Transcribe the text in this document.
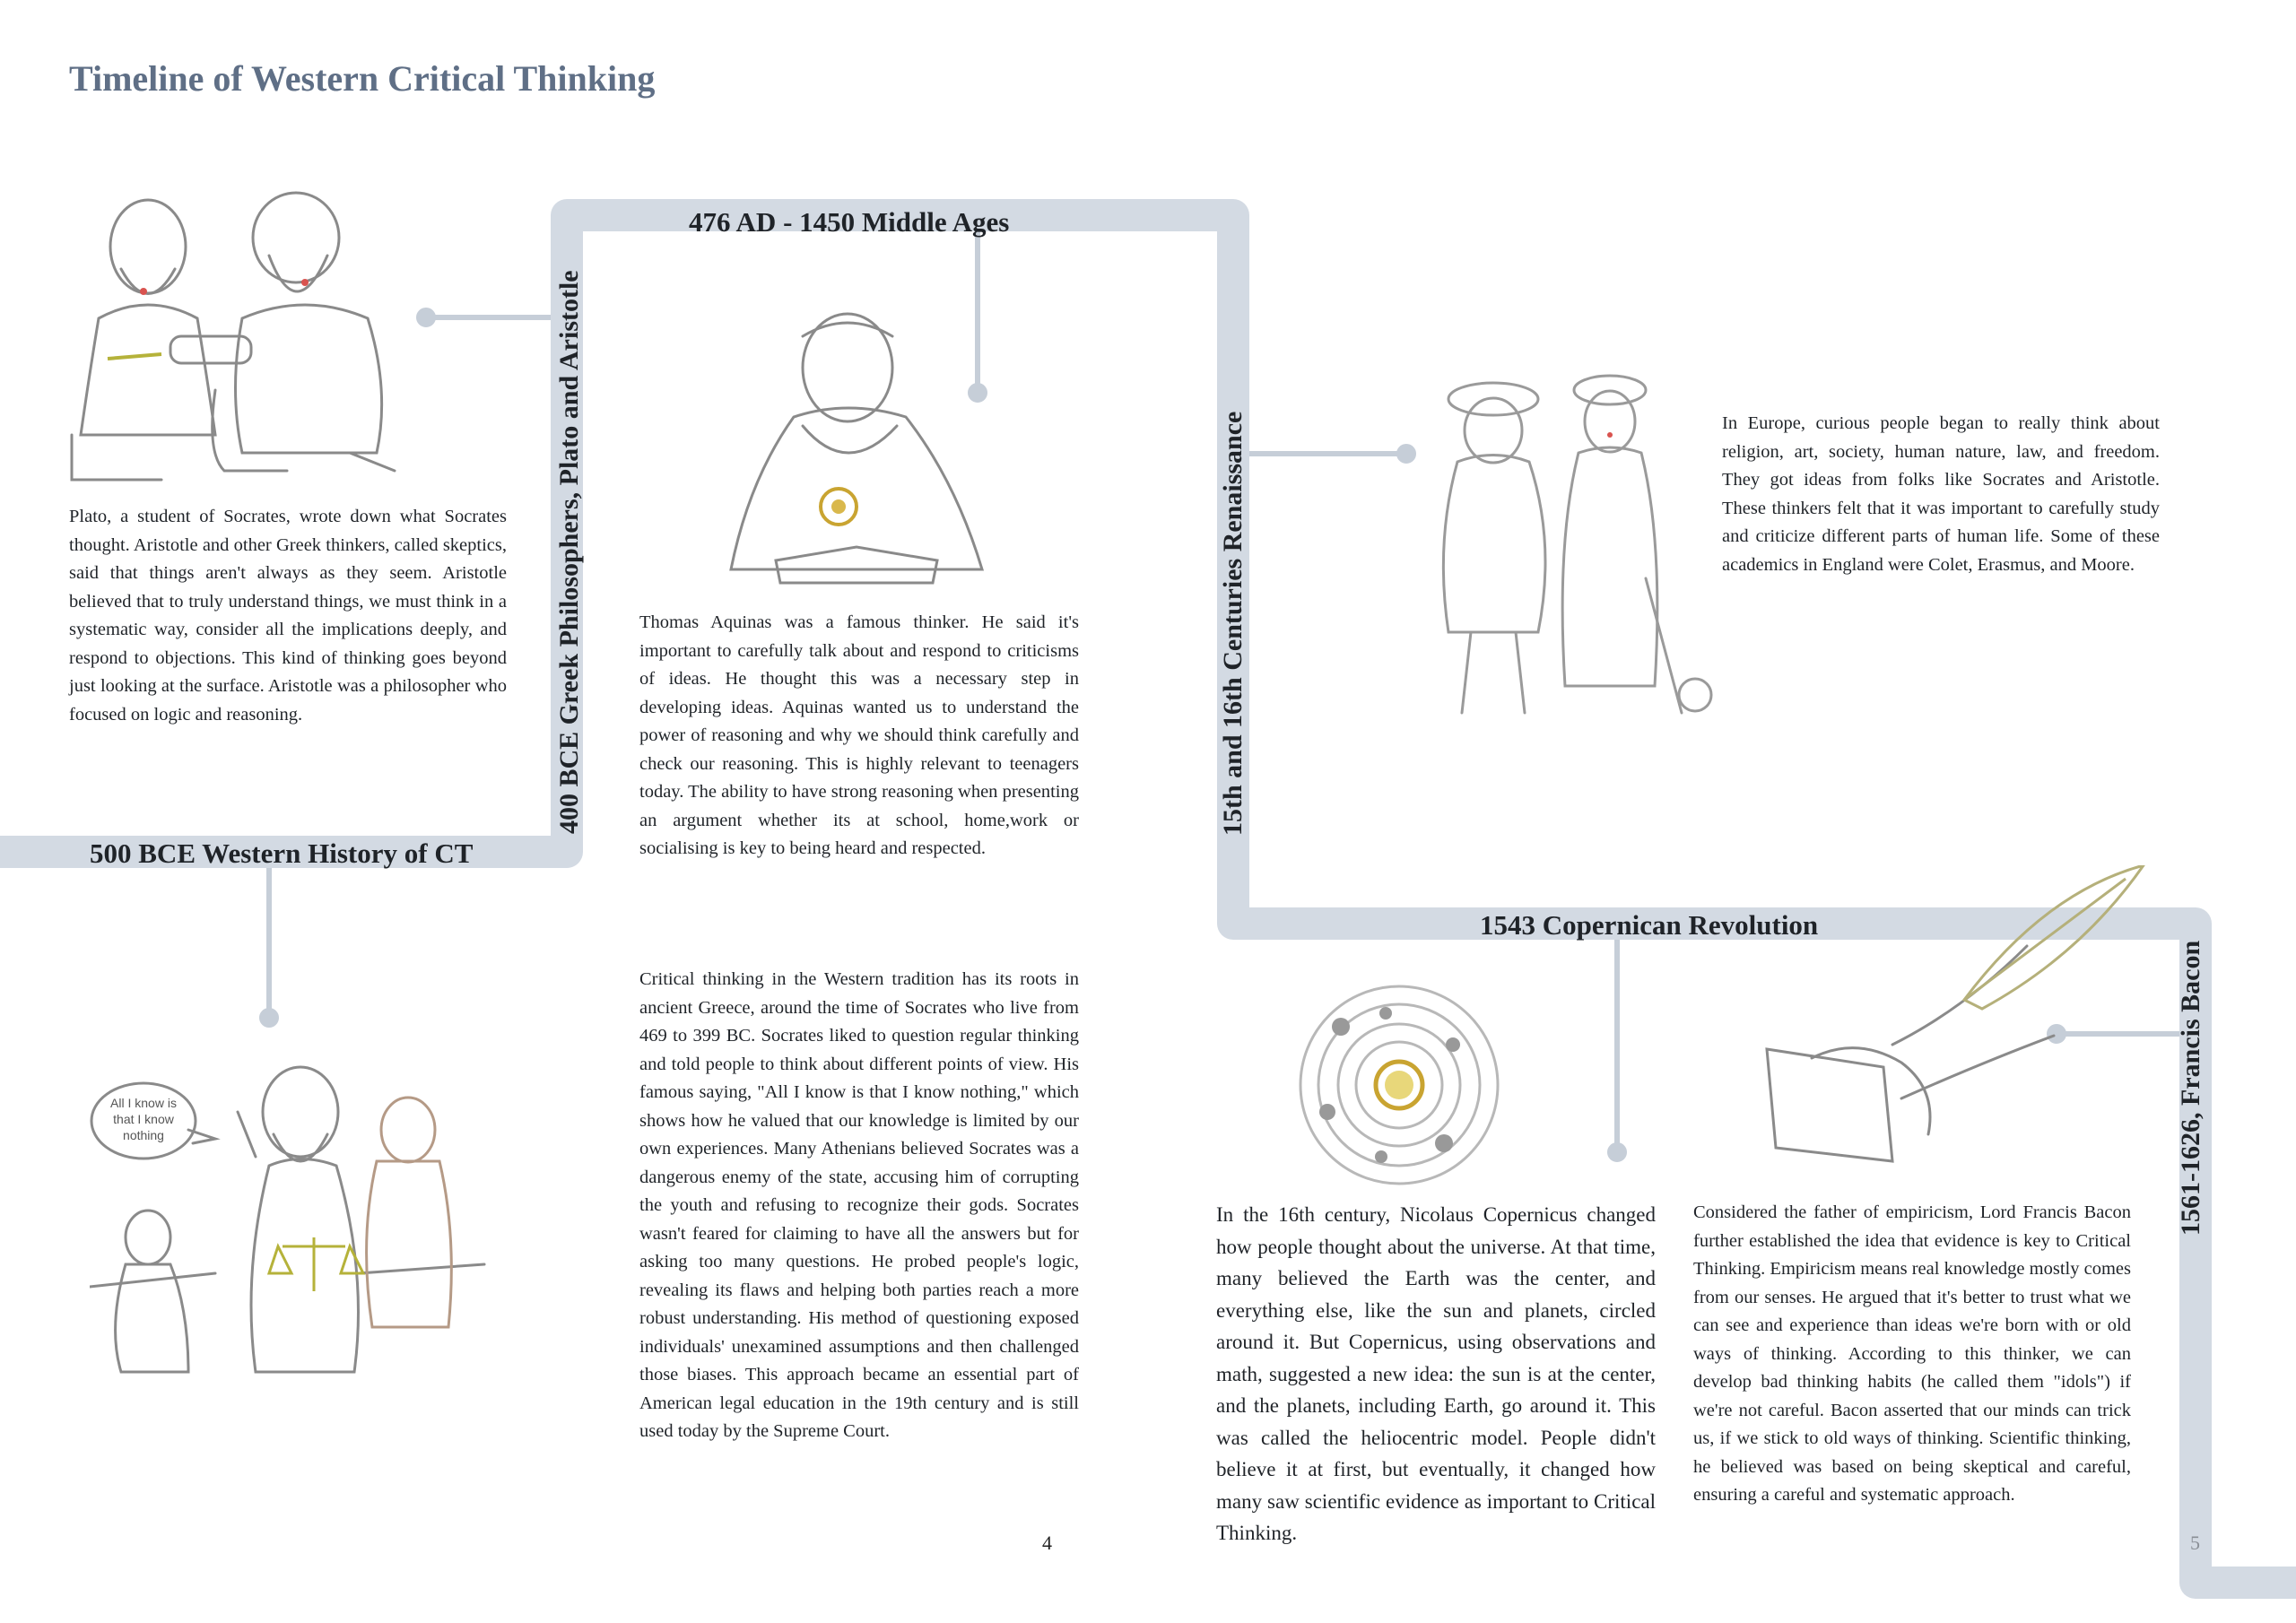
Timeline of Western Critical Thinking
500 BCE Western History of CT
400 BCE Greek Philosophers, Plato and Aristotle
476 AD - 1450 Middle Ages
15th and 16th Centuries Renaissance
1543 Copernican Revolution
1561-1626, Francis Bacon

Plato, a student of Socrates, wrote down what Socrates thought. Aristotle and other Greek thinkers, called skeptics, said that things aren't always as they seem. Aristotle believed that to truly understand things, we must think in a systematic way, consider all the implications deeply, and respond to objections. This kind of thinking goes beyond just looking at the surface. Aristotle was a philosopher who focused on logic and reasoning.

Thomas Aquinas was a famous thinker. He said it's important to carefully talk about and respond to criticisms of ideas. He thought this was a necessary step in developing ideas. Aquinas wanted us to understand the power of reasoning and why we should think carefully and check our reasoning. This is highly relevant to teenagers today. The ability to have strong reasoning when presenting an argument whether its at school, home,work or socialising is key to being heard and respected.

Critical thinking in the Western tradition has its roots in ancient Greece, around the time of Socrates who live from 469 to 399 BC. Socrates liked to question regular thinking and told people to think about different points of view. His famous saying, "All I know is that I know nothing," which shows how he valued that our knowledge is limited by our own experiences. Many Athenians believed Socrates was a dangerous enemy of the state, accusing him of corrupting the youth and refusing to recognize their gods. Socrates wasn't feared for claiming to have all the answers but for asking too many questions. He probed people's logic, revealing its flaws and helping both parties reach a more robust understanding. His method of questioning exposed individuals' unexamined assumptions and then challenged those biases. This approach became an essential part of American legal education in the 19th century and is still used today by the Supreme Court.

In Europe, curious people began to really think about religion, art, society, human nature, law, and freedom. They got ideas from folks like Socrates and Aristotle. These thinkers felt that it was important to carefully study and criticize different parts of human life. Some of these academics in England were Colet, Erasmus, and Moore.

In the 16th century, Nicolaus Copernicus changed how people thought about the universe. At that time, many believed the Earth was the center, and everything else, like the sun and planets, circled around it. But Copernicus, using observations and math, suggested a new idea: the sun is at the center, and the planets, including Earth, go around it. This was called the heliocentric model. People didn't believe it at first, but eventually, it changed how many saw scientific evidence as important to Critical Thinking.

Considered the father of empiricism, Lord Francis Bacon further established the idea that evidence is key to Critical Thinking. Empiricism means real knowledge mostly comes from our senses. He argued that it's better to trust what we can see and experience than ideas we're born with or old ways of thinking. According to this thinker, we can develop bad thinking habits (he called them "idols") if we're not careful. Bacon asserted that our minds can trick us, if we stick to old ways of thinking. Scientific thinking, he believed was based on being skeptical and careful, ensuring a careful and systematic approach.

4	5
All I know is that I know nothing
